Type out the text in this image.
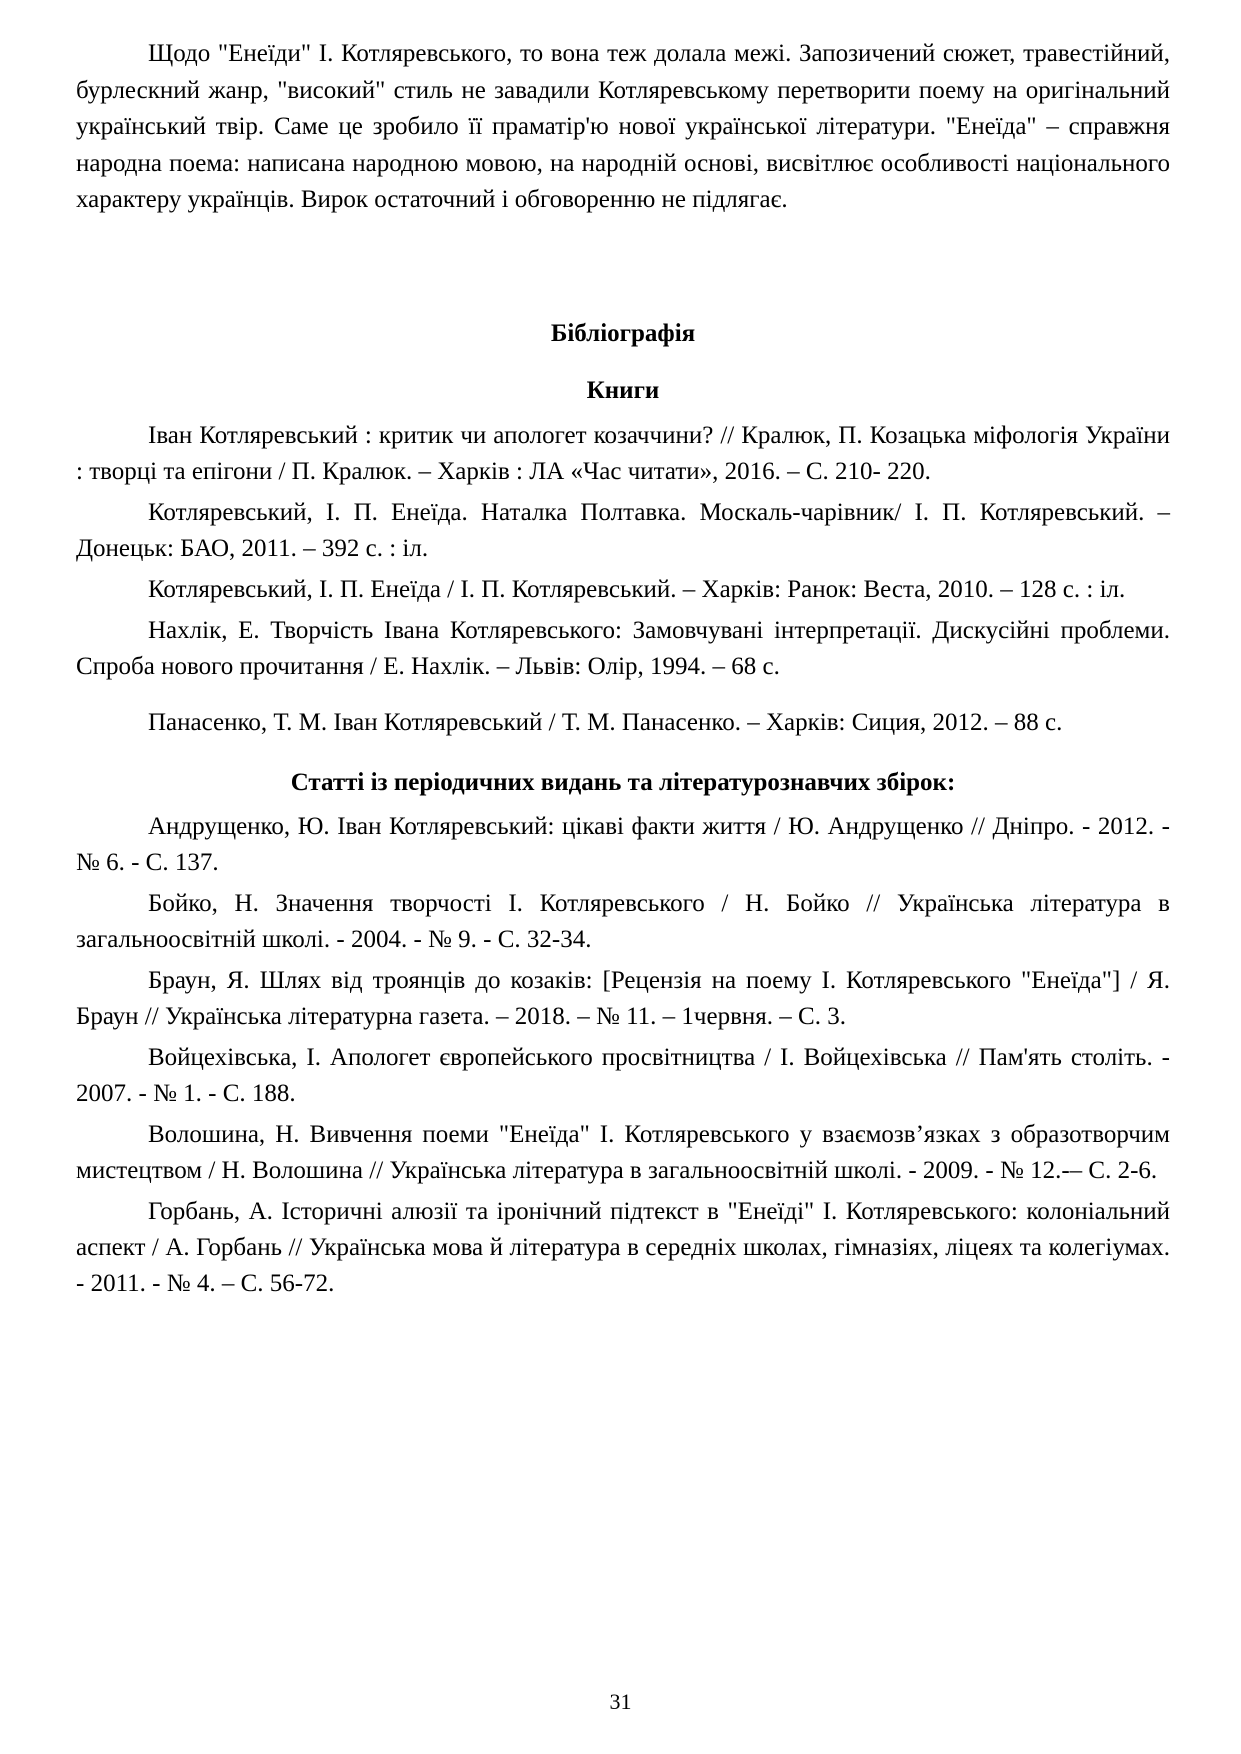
Щодо "Енеїди" І. Котляревського, то вона теж долала межі. Запозичений сюжет, травестійний, бурлескний жанр, "високий" стиль не завадили Котляревському перетворити поему на оригінальний український твір. Саме це зробило її праматір'ю нової української літератури. "Енеїда" – справжня народна поема: написана народною мовою, на народній основі, висвітлює особливості національного характеру українців. Вирок остаточний і обговоренню не підлягає.

Бібліографія

Книги

Іван Котляревський : критик чи апологет козаччини? // Кралюк, П. Козацька міфологія України : творці та епігони / П. Кралюк. – Харків : ЛА «Час читати», 2016. – С. 210- 220.

Котляревський, І. П. Енеїда. Наталка Полтавка. Москаль-чарівник/ І. П. Котляревський. – Донецьк: БАО, 2011. – 392 с. : іл.

Котляревський, І. П. Енеїда / І. П. Котляревський. – Харків: Ранок: Веста, 2010. – 128 с. : іл.

Нахлік, Е. Творчість Івана Котляревського: Замовчувані інтерпретації. Дискусійні проблеми. Спроба нового прочитання / Е. Нахлік. – Львів: Олір, 1994. – 68 с.

Панасенко, Т. М. Іван Котляревський / Т. М. Панасенко. – Харків: Сиция, 2012. – 88 с.

Статті із періодичних видань та літературознавчих збірок:

Андрущенко, Ю. Іван Котляревський: цікаві факти життя / Ю. Андрущенко // Дніпро. - 2012. - № 6. - С. 137.

Бойко, Н. Значення творчості І. Котляревського / Н. Бойко // Українська література в загальноосвітній школі. - 2004. - № 9. - С. 32-34.

Браун, Я. Шлях від троянців до козаків: [Рецензія на поему І. Котляревського "Енеїда"] / Я. Браун // Українська літературна газета. – 2018. – № 11. – 1червня. – С. 3.

Войцехівська, І. Апологет європейського просвітництва / І. Войцехівська // Пам'ять століть. - 2007. - № 1. - С. 188.

Волошина, Н. Вивчення поеми "Енеїда" І. Котляревського у взаємозв’язках з образотворчим мистецтвом / Н. Волошина // Українська література в загальноосвітній школі. - 2009. - № 12.-– С. 2-6.

Горбань, А. Історичні алюзії та іронічний підтекст в "Енеїді" І. Котляревського: колоніальний аспект / А. Горбань // Українська мова й література в середніх школах, гімназіях, ліцеях та колегіумах. - 2011. - № 4. – С. 56-72.

31
